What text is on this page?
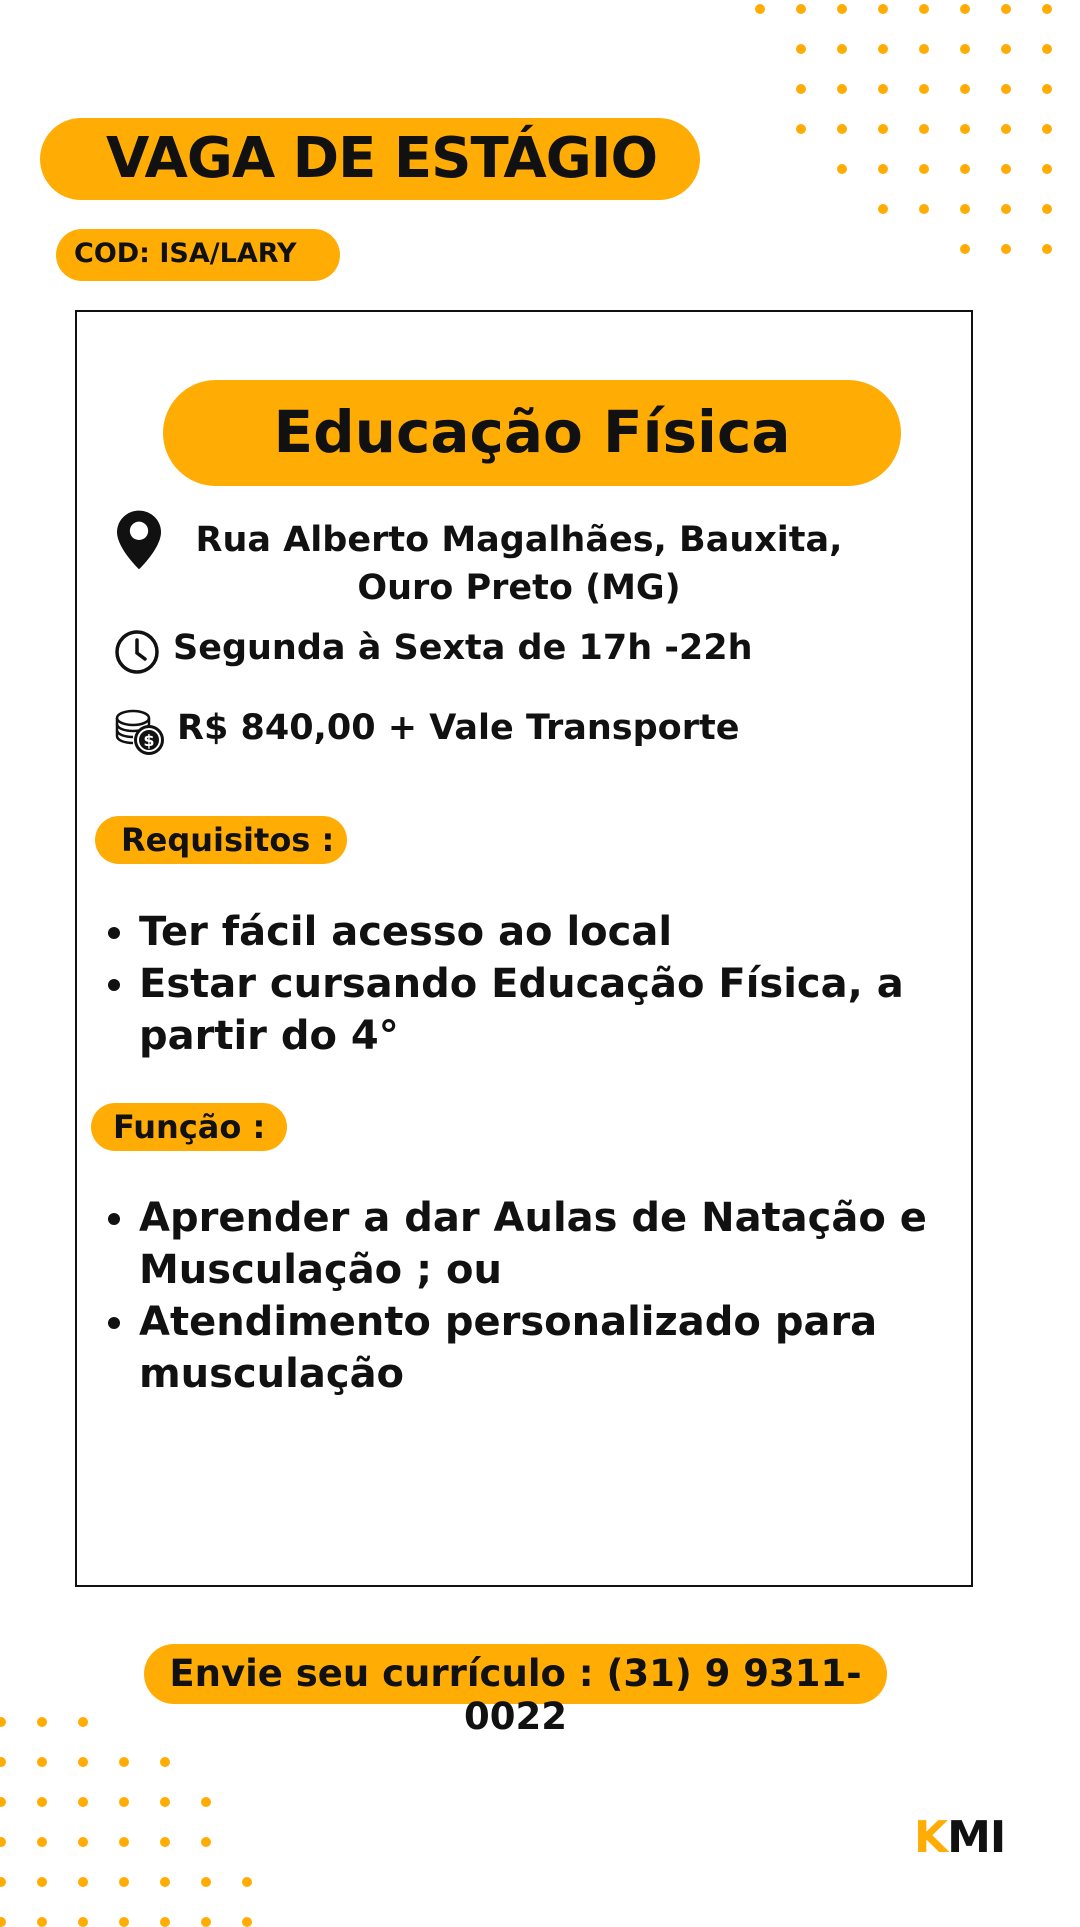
VAGA DE ESTÁGIO
COD: ISA/LARY
Educação Física
Rua Alberto Magalhães, Bauxita, Ouro Preto (MG)
Segunda à Sexta de 17h -22h
$ R$ 840,00 + Vale Transporte
Requisitos :
• Ter fácil acesso ao local
• Estar cursando Educação Física, a partir do 4°
Função :
• Aprender a dar Aulas de Natação e Musculação ; ou
• Atendimento personalizado para musculação
Envie seu currículo : (31) 9 9311-0022
KMI
